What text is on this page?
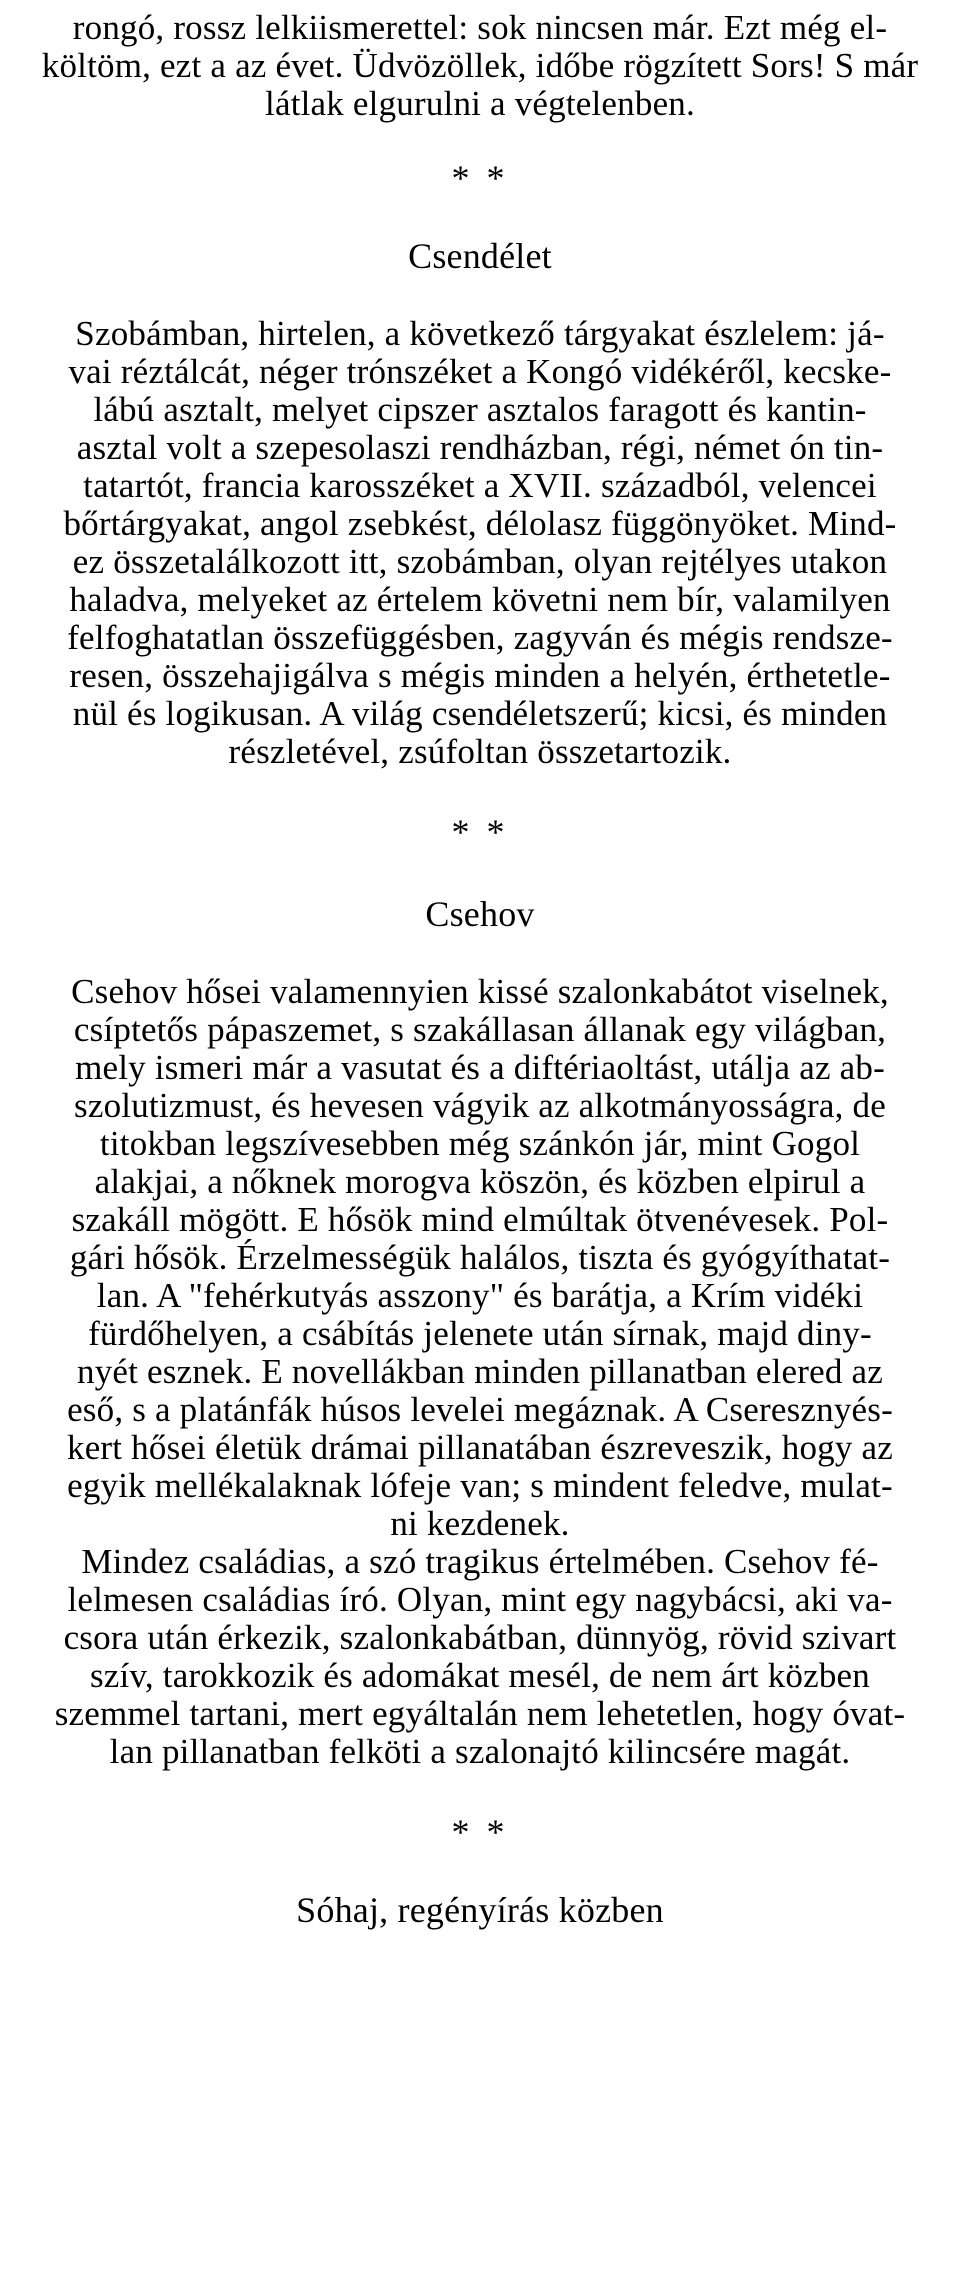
rongó, rossz lelkiismerettel: sok nincsen már. Ezt még el-
költöm, ezt a az évet. Üdvözöllek, időbe rögzített Sors! S már
látlak elgurulni a végtelenben.
* *
Csendélet
Szobámban, hirtelen, a következő tárgyakat észlelem: já-
vai réztálcát, néger trónszéket a Kongó vidékéről, kecske-
lábú asztalt, melyet cipszer asztalos faragott és kantin-
asztal volt a szepesolaszi rendházban, régi, német ón tin-
tatartót, francia karosszéket a XVII. századból, velencei
bőrtárgyakat, angol zsebkést, délolasz függönyöket. Mind-
ez összetalálkozott itt, szobámban, olyan rejtélyes utakon
haladva, melyeket az értelem követni nem bír, valamilyen
felfoghatatlan összefüggésben, zagyván és mégis rendsze-
resen, összehajigálva s mégis minden a helyén, érthetetle-
nül és logikusan. A világ csendéletszerű; kicsi, és minden
részletével, zsúfoltan összetartozik.
* *
Csehov
Csehov hősei valamennyien kissé szalonkabátot viselnek,
csíptetős pápaszemet, s szakállasan állanak egy világban,
mely ismeri már a vasutat és a diftériaoltást, utálja az ab-
szolutizmust, és hevesen vágyik az alkotmányosságra, de
titokban legszívesebben még szánkón jár, mint Gogol
alakjai, a nőknek morogva köszön, és közben elpirul a
szakáll mögött. E hősök mind elmúltak ötvenévesek. Pol-
gári hősök. Érzelmességük halálos, tiszta és gyógyíthatat-
lan. A "fehérkutyás asszony" és barátja, a Krím vidéki
fürdőhelyen, a csábítás jelenete után sírnak, majd diny-
nyét esznek. E novellákban minden pillanatban elered az
eső, s a platánfák húsos levelei megáznak. A Cseresznyés-
kert hősei életük drámai pillanatában észreveszik, hogy az
egyik mellékalaknak lófeje van; s mindent feledve, mulat-
ni kezdenek.
Mindez családias, a szó tragikus értelmében. Csehov fé-
lelmesen családias író. Olyan, mint egy nagybácsi, aki va-
csora után érkezik, szalonkabátban, dünnyög, rövid szivart
szív, tarokkozik és adomákat mesél, de nem árt közben
szemmel tartani, mert egyáltalán nem lehetetlen, hogy óvat-
lan pillanatban felköti a szalonajtó kilincsére magát.
* *
Sóhaj, regényírás közben
